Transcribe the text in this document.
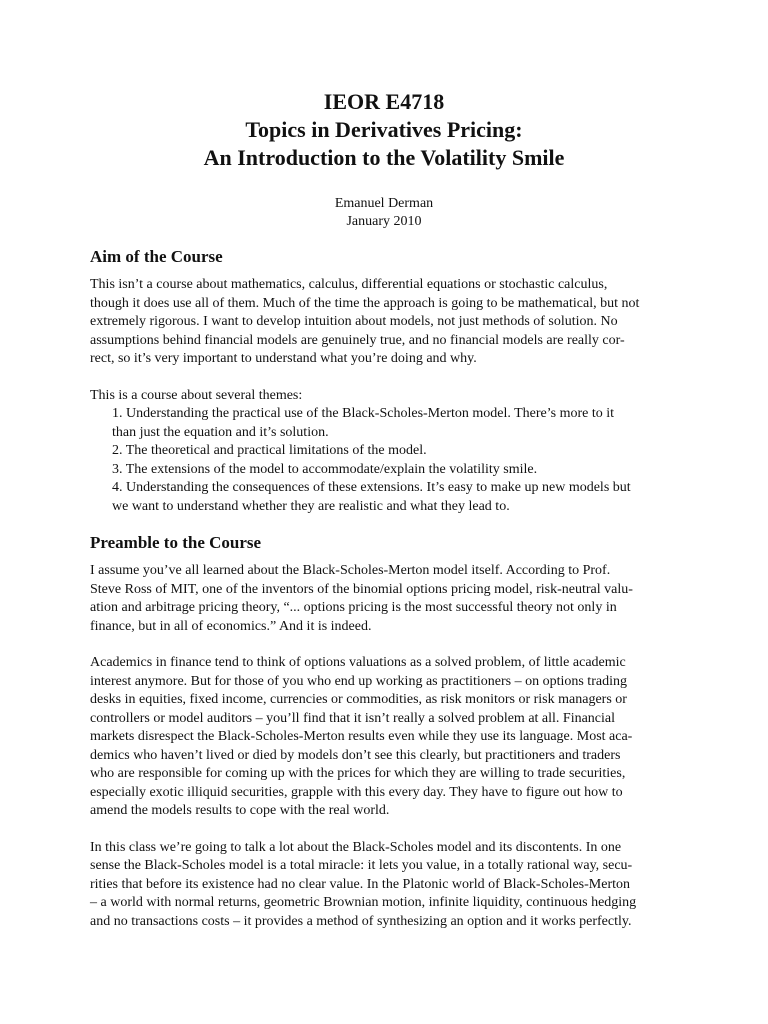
IEOR E4718
Topics in Derivatives Pricing:
An Introduction to the Volatility Smile
Emanuel Derman
January 2010
Aim of the Course

This isn’t a course about mathematics, calculus, differential equations or stochastic calculus,
though it does use all of them. Much of the time the approach is going to be mathematical, but not
extremely rigorous. I want to develop intuition about models, not just methods of solution. No
assumptions behind financial models are genuinely true, and no financial models are really cor-
rect, so it’s very important to understand what you’re doing and why.

This is a course about several themes:

1. Understanding the practical use of the Black-Scholes-Merton model. There’s more to it
than just the equation and it’s solution.
2. The theoretical and practical limitations of the model.
3. The extensions of the model to accommodate/explain the volatility smile.
4. Understanding the consequences of these extensions. It’s easy to make up new models but
we want to understand whether they are realistic and what they lead to.
Preamble to the Course

I assume you’ve all learned about the Black-Scholes-Merton model itself. According to Prof.
Steve Ross of MIT, one of the inventors of the binomial options pricing model, risk-neutral valu-
ation and arbitrage pricing theory, “... options pricing is the most successful theory not only in
finance, but in all of economics.” And it is indeed.

Academics in finance tend to think of options valuations as a solved problem, of little academic
interest anymore. But for those of you who end up working as practitioners – on options trading
desks in equities, fixed income, currencies or commodities, as risk monitors or risk managers or
controllers or model auditors – you’ll find that it isn’t really a solved problem at all. Financial
markets disrespect the Black-Scholes-Merton results even while they use its language. Most aca-
demics who haven’t lived or died by models don’t see this clearly, but practitioners and traders
who are responsible for coming up with the prices for which they are willing to trade securities,
especially exotic illiquid securities, grapple with this every day. They have to figure out how to
amend the models results to cope with the real world.

In this class we’re going to talk a lot about the Black-Scholes model and its discontents. In one
sense the Black-Scholes model is a total miracle: it lets you value, in a totally rational way, secu-
rities that before its existence had no clear value. In the Platonic world of Black-Scholes-Merton
– a world with normal returns, geometric Brownian motion, infinite liquidity, continuous hedging
and no transactions costs – it provides a method of synthesizing an option and it works perfectly.
